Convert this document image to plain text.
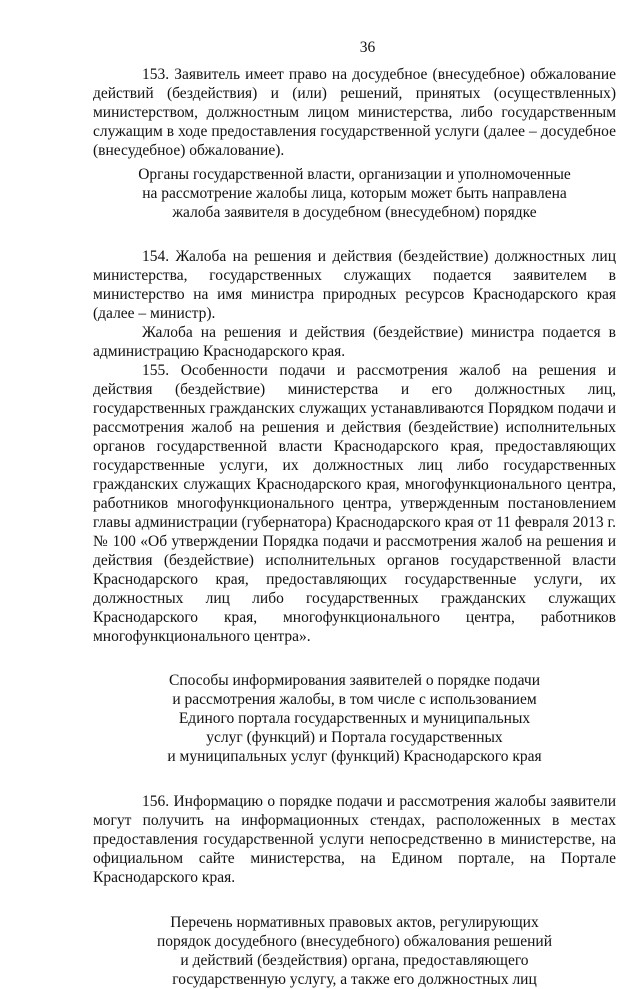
36

153. Заявитель имеет право на досудебное (внесудебное) обжалование действий (бездействия) и (или) решений, принятых (осуществленных) министерством, должностным лицом министерства, либо государственным служащим в ходе предоставления государственной услуги (далее – досудебное (внесудебное) обжалование).

Органы государственной власти, организации и уполномоченные
на рассмотрение жалобы лица, которым может быть направлена
жалоба заявителя в досудебном (внесудебном) порядке

154. Жалоба на решения и действия (бездействие) должностных лиц министерства, государственных служащих подается заявителем в министерство на имя министра природных ресурсов Краснодарского края (далее – министр).

Жалоба на решения и действия (бездействие) министра подается в администрацию Краснодарского края.

155. Особенности подачи и рассмотрения жалоб на решения и действия (бездействие) министерства и его должностных лиц, государственных гражданских служащих устанавливаются Порядком подачи и рассмотрения жалоб на решения и действия (бездействие) исполнительных органов государственной власти Краснодарского края, предоставляющих государственные услуги, их должностных лиц либо государственных гражданских служащих Краснодарского края, многофункционального центра, работников многофункционального центра, утвержденным постановлением главы администрации (губернатора) Краснодарского края от 11 февраля 2013 г. № 100 «Об утверждении Порядка подачи и рассмотрения жалоб на решения и действия (бездействие) исполнительных органов государственной власти Краснодарского края, предоставляющих государственные услуги, их должностных лиц либо государственных гражданских служащих Краснодарского края, многофункционального центра, работников многофункционального центра».

Способы информирования заявителей о порядке подачи
и рассмотрения жалобы, в том числе с использованием
Единого портала государственных и муниципальных
услуг (функций) и Портала государственных
и муниципальных услуг (функций) Краснодарского края

156. Информацию о порядке подачи и рассмотрения жалобы заявители могут получить на информационных стендах, расположенных в местах предоставления государственной услуги непосредственно в министерстве, на официальном сайте министерства, на Едином портале, на Портале Краснодарского края.

Перечень нормативных правовых актов, регулирующих
порядок досудебного (внесудебного) обжалования решений
и действий (бездействия) органа, предоставляющего
государственную услугу, а также его должностных лиц
